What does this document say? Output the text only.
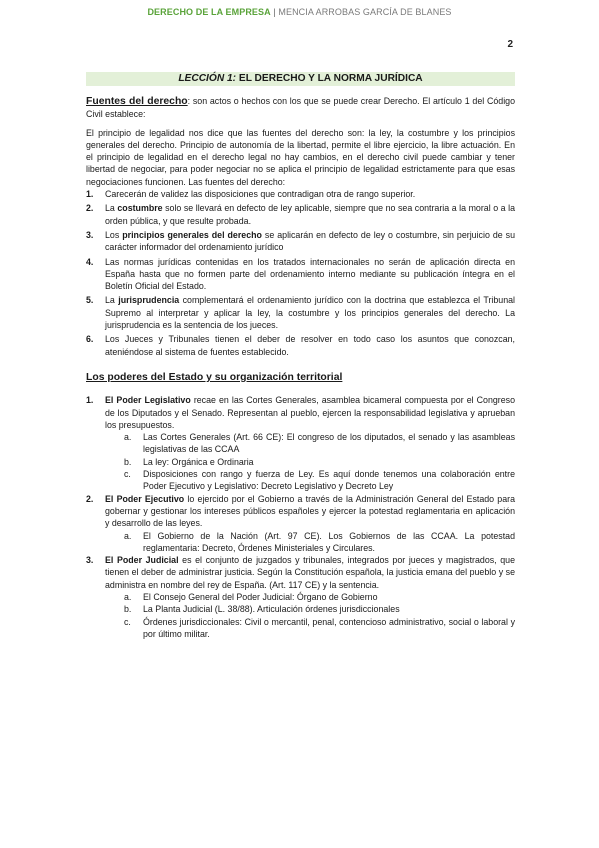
DERECHO DE LA EMPRESA | MENCIA ARROBAS GARCÍA DE BLANES
2
LECCIÓN 1: EL DERECHO Y LA NORMA JURÍDICA

Fuentes del derecho: son actos o hechos con los que se puede crear Derecho. El artículo 1 del Código Civil establece:

El principio de legalidad nos dice que las fuentes del derecho son: la ley, la costumbre y los principios generales del derecho. Principio de autonomía de la libertad, permite el libre ejercicio, la libre actuación. En el principio de legalidad en el derecho legal no hay cambios, en el derecho civil puede cambiar y tener libertad de negociar, para poder negociar no se aplica el principio de legalidad estrictamente para que esas negociaciones funcionen. Las fuentes del derecho:

1. Carecerán de validez las disposiciones que contradigan otra de rango superior.
2. La costumbre solo se llevará en defecto de ley aplicable, siempre que no sea contraria a la moral o a la orden pública, y que resulte probada.
3. Los principios generales del derecho se aplicarán en defecto de ley o costumbre, sin perjuicio de su carácter informador del ordenamiento jurídico
4. Las normas jurídicas contenidas en los tratados internacionales no serán de aplicación directa en España hasta que no formen parte del ordenamiento interno mediante su publicación íntegra en el Boletín Oficial del Estado.
5. La jurisprudencia complementará el ordenamiento jurídico con la doctrina que establezca el Tribunal Supremo al interpretar y aplicar la ley, la costumbre y los principios generales del derecho. La jurisprudencia es la sentencia de los jueces.
6. Los Jueces y Tribunales tienen el deber de resolver en todo caso los asuntos que conozcan, ateniéndose al sistema de fuentes establecido.

Los poderes del Estado y su organización territorial

1. El Poder Legislativo recae en las Cortes Generales, asamblea bicameral compuesta por el Congreso de los Diputados y el Senado. Representan al pueblo, ejercen la responsabilidad legislativa y aprueban los presupuestos.
a. Las Cortes Generales (Art. 66 CE): El congreso de los diputados, el senado y las asambleas legislativas de las CCAA
b. La ley: Orgánica e Ordinaria
c. Disposiciones con rango y fuerza de Ley. Es aquí donde tenemos una colaboración entre Poder Ejecutivo y Legislativo: Decreto Legislativo y Decreto Ley
2. El Poder Ejecutivo lo ejercido por el Gobierno a través de la Administración General del Estado para gobernar y gestionar los intereses públicos españoles y ejercer la potestad reglamentaria en aplicación y desarrollo de las leyes.
a. El Gobierno de la Nación (Art. 97 CE). Los Gobiernos de las CCAA. La potestad reglamentaria: Decreto, Órdenes Ministeriales y Circulares.
3. El Poder Judicial es el conjunto de juzgados y tribunales, integrados por jueces y magistrados, que tienen el deber de administrar justicia. Según la Constitución española, la justicia emana del pueblo y se administra en nombre del rey de España. (Art. 117 CE) y la sentencia.
a. El Consejo General del Poder Judicial: Órgano de Gobierno
b. La Planta Judicial (L. 38/88). Articulación órdenes jurisdiccionales
c. Órdenes jurisdiccionales: Civil o mercantil, penal, contencioso administrativo, social o laboral y por último militar.
